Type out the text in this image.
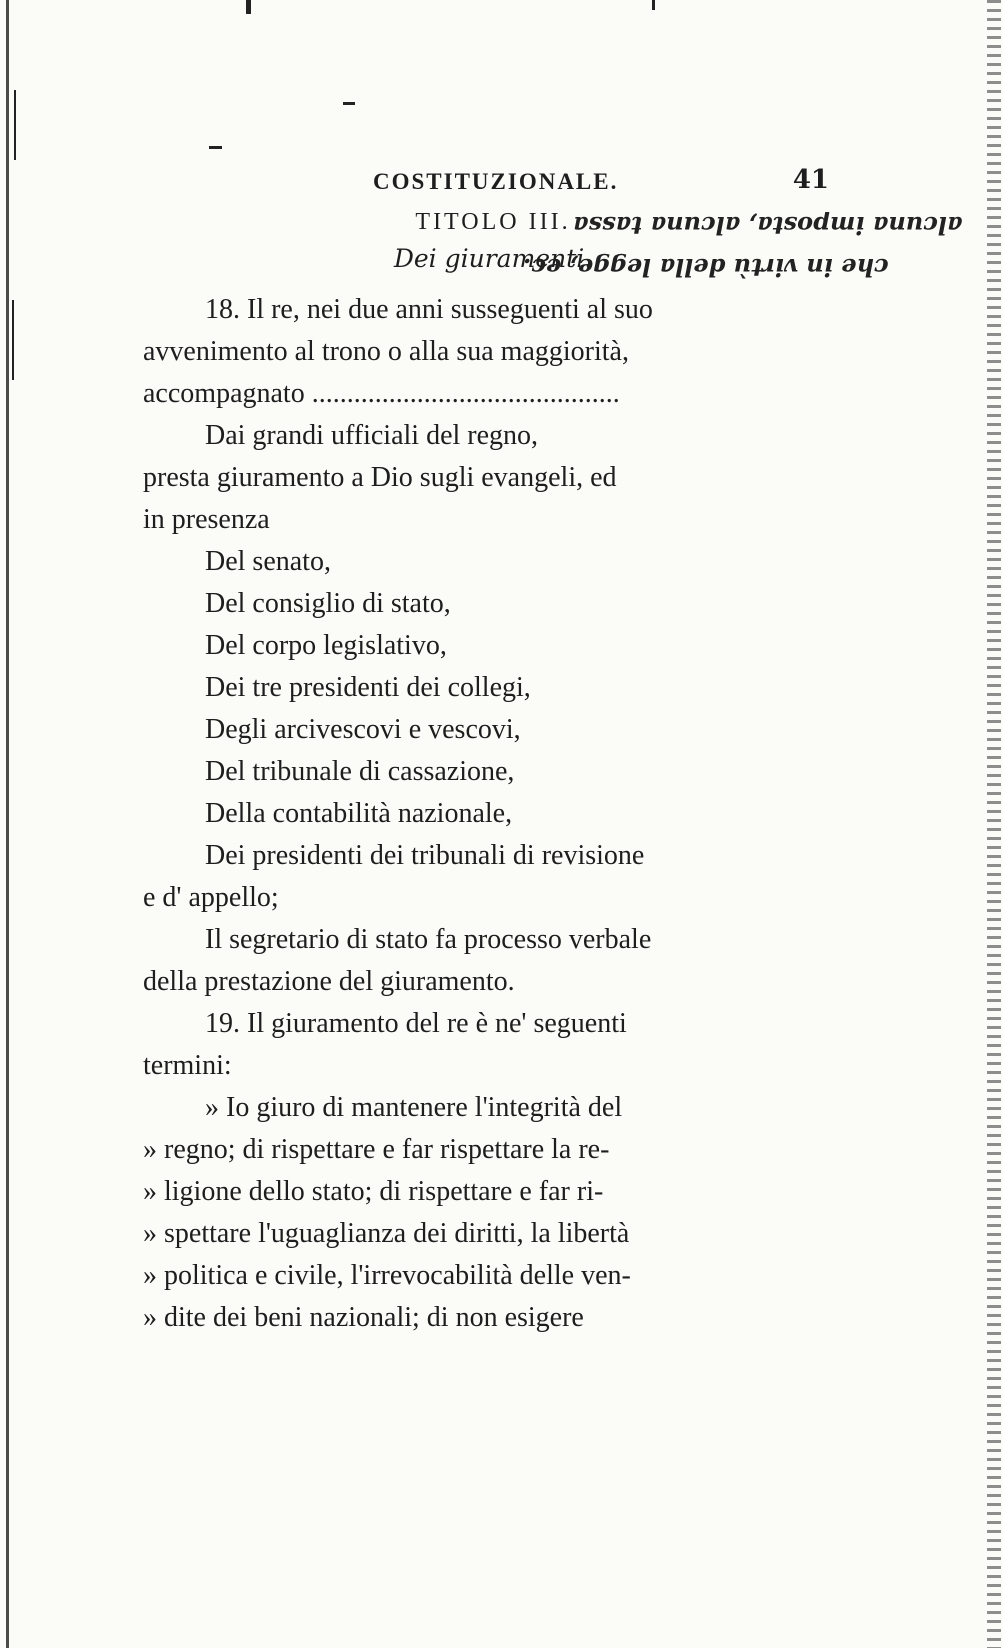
COSTITUZIONALE.	41
TITOLO III.
Dei giuramenti.
alcuna imposta, alcuna tassa
che in virtù della legge, ec.

18. Il re, nei due anni susseguenti al suo

avvenimento al trono o alla sua maggiorità,

accompagnato ............................................

Dai grandi ufficiali del regno,

presta giuramento a Dio sugli evangeli, ed

in presenza

Del senato,

Del consiglio di stato,

Del corpo legislativo,

Dei tre presidenti dei collegi,

Degli arcivescovi e vescovi,

Del tribunale di cassazione,

Della contabilità nazionale,

Dei presidenti dei tribunali di revisione

e d' appello;

Il segretario di stato fa processo verbale

della prestazione del giuramento.

19. Il giuramento del re è ne' seguenti

termini:

» Io giuro di mantenere l'integrità del

» regno; di rispettare e far rispettare la re-

» ligione dello stato; di rispettare e far ri-

» spettare l'uguaglianza dei diritti, la libertà

» politica e civile, l'irrevocabilità delle ven-

» dite dei beni nazionali; di non esigere
